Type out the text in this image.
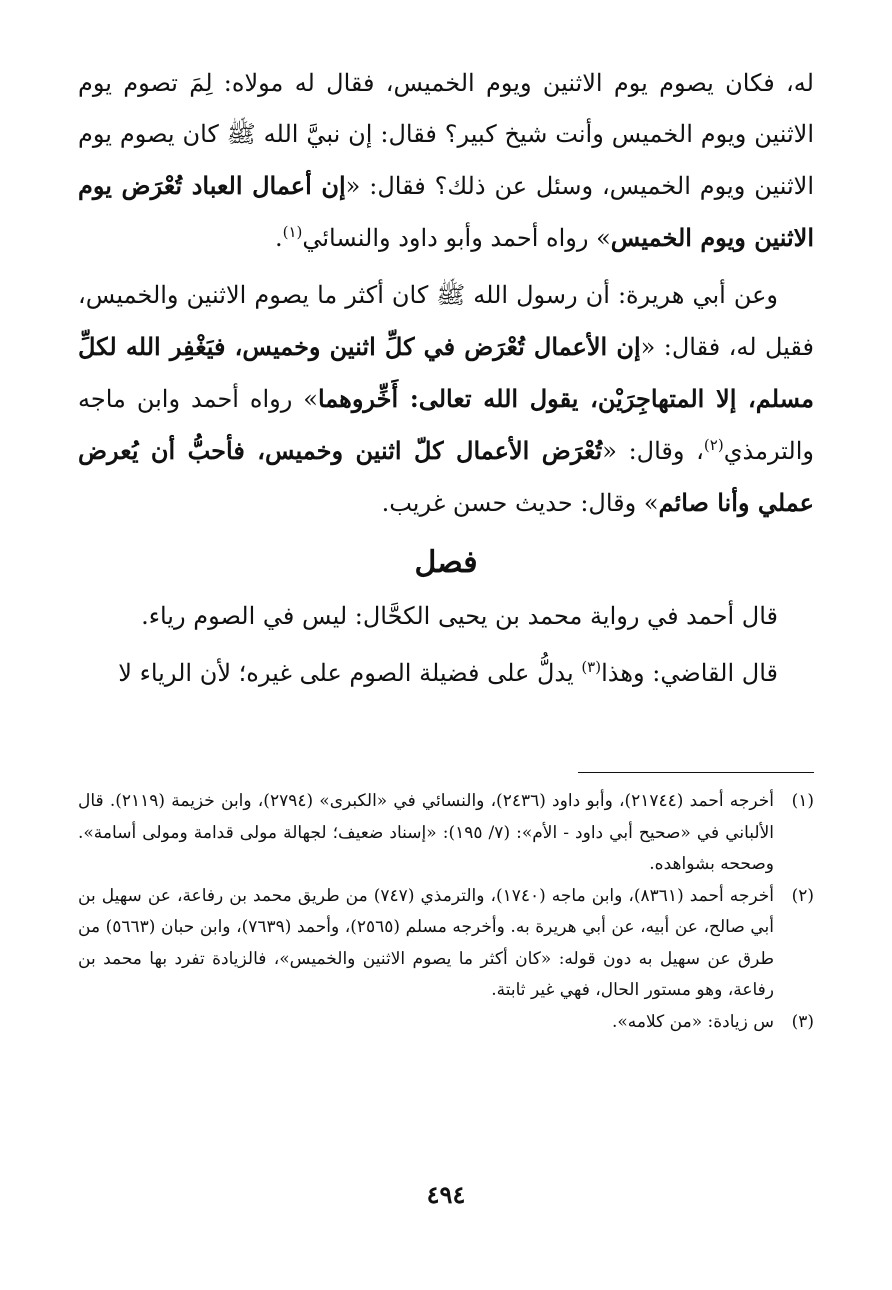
له، فكان يصوم يوم الاثنين ويوم الخميس، فقال له مولاه: لِمَ تصوم يوم الاثنين ويوم الخميس وأنت شيخ كبير؟ فقال: إن نبيَّ الله ﷺ كان يصوم يوم الاثنين ويوم الخميس، وسئل عن ذلك؟ فقال: «إن أعمال العباد تُعْرَض يوم الاثنين ويوم الخميس» رواه أحمد وأبو داود والنسائي$^{(١)}$.

وعن أبي هريرة: أن رسول الله ﷺ كان أكثر ما يصوم الاثنين والخميس، فقيل له، فقال: «إن الأعمال تُعْرَض في كلِّ اثنين وخميس، فيَغْفِر الله لكلِّ مسلم، إلا المتهاجِرَيْن، يقول الله تعالى: أَخِّروهما» رواه أحمد وابن ماجه والترمذي$^{(٢)}$، وقال: «تُعْرَض الأعمال كلّ اثنين وخميس، فأحبُّ أن يُعرض عملي وأنا صائم» وقال: حديث حسن غريب.

فصل

قال أحمد في رواية محمد بن يحيى الكحَّال: ليس في الصوم رياء.

قال القاضي: وهذا$^{(٣)}$ يدلُّ على فضيلة الصوم على غيره؛ لأن الرياء لا

(١)
أخرجه أحمد (٢١٧٤٤)، وأبو داود (٢٤٣٦)، والنسائي في «الكبرى» (٢٧٩٤)، وابن خزيمة (٢١١٩). قال الألباني في «صحيح أبي داود - الأم»: (٧/ ١٩٥): «إسناد ضعيف؛ لجهالة مولى قدامة ومولى أسامة». وصححه بشواهده.
(٢)
أخرجه أحمد (٨٣٦١)، وابن ماجه (١٧٤٠)، والترمذي (٧٤٧) من طريق محمد بن رفاعة، عن سهيل بن أبي صالح، عن أبيه، عن أبي هريرة به. وأخرجه مسلم (٢٥٦٥)، وأحمد (٧٦٣٩)، وابن حبان (٥٦٦٣) من طرق عن سهيل به دون قوله: «كان أكثر ما يصوم الاثنين والخميس»، فالزيادة تفرد بها محمد بن رفاعة، وهو مستور الحال، فهي غير ثابتة.
(٣)
س زيادة: «من كلامه».
٤٩٤
